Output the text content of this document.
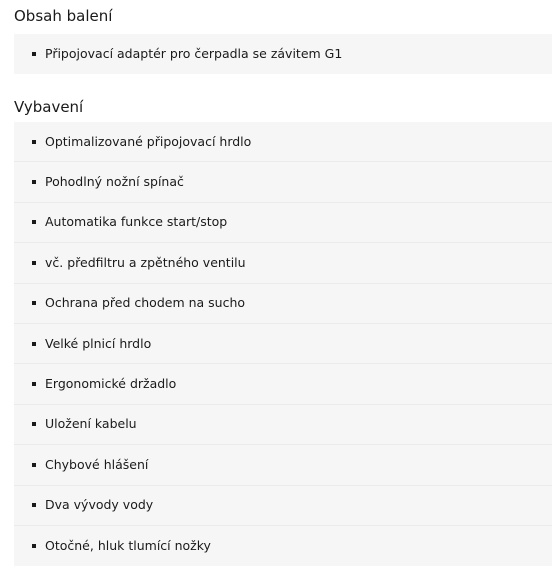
Obsah balení
Připojovací adaptér pro čerpadla se závitem G1
Vybavení
Optimalizované připojovací hrdlo
Pohodlný nožní spínač
Automatika funkce start/stop
vč. předfiltru a zpětného ventilu
Ochrana před chodem na sucho
Velké plnicí hrdlo
Ergonomické držadlo
Uložení kabelu
Chybové hlášení
Dva vývody vody
Otočné, hluk tlumící nožky
